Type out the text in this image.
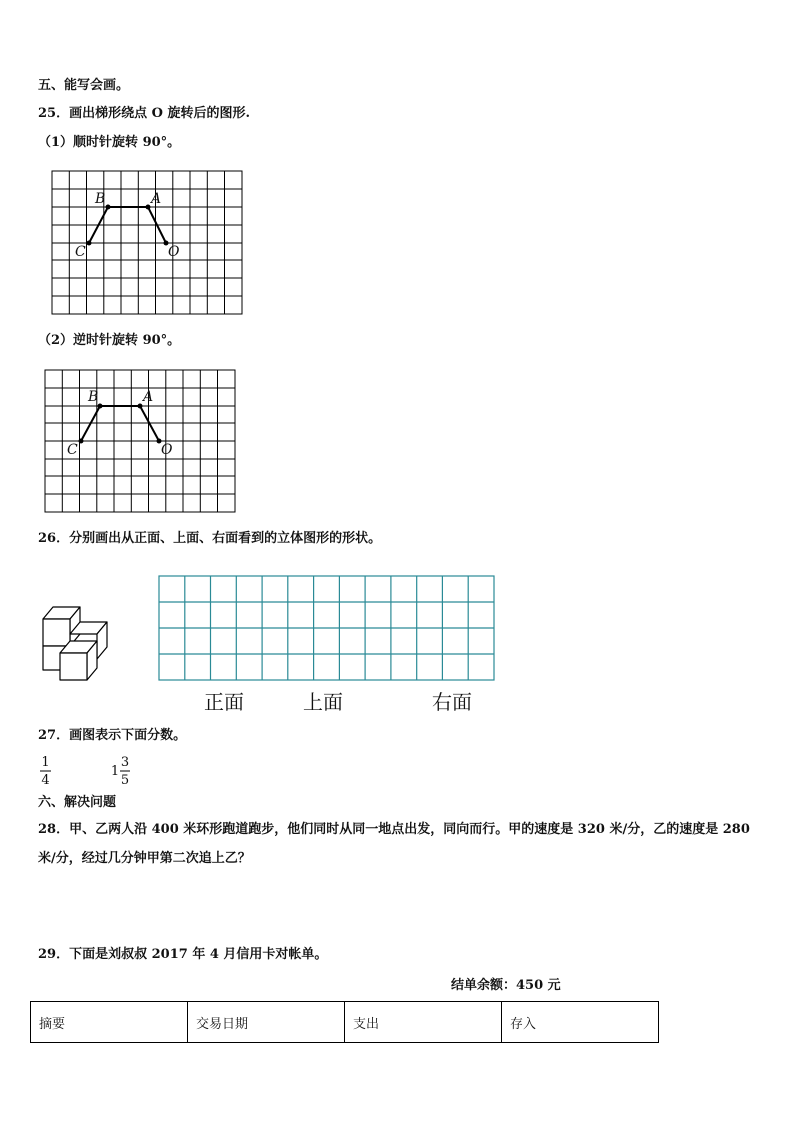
五、能写会画。
25．画出梯形绕点 O 旋转后的图形.
（1）顺时针旋转 90°。
B	A
C	O
（2）逆时针旋转 90°。
B	A
C	O
26．分别画出从正面、上面、右面看到的立体图形的形状。
正面	上面	右面
27．画图表示下面分数。
1
4
1
3
5
六、解决问题
28．甲、乙两人沿 400 米环形跑道跑步，他们同时从同一地点出发，同向而行。甲的速度是 320 米/分，乙的速度是 280
米/分，经过几分钟甲第二次追上乙？
29．下面是刘叔叔 2017 年 4 月信用卡对帐单。
结单余额：450 元
摘要	交易日期	支出	存入
